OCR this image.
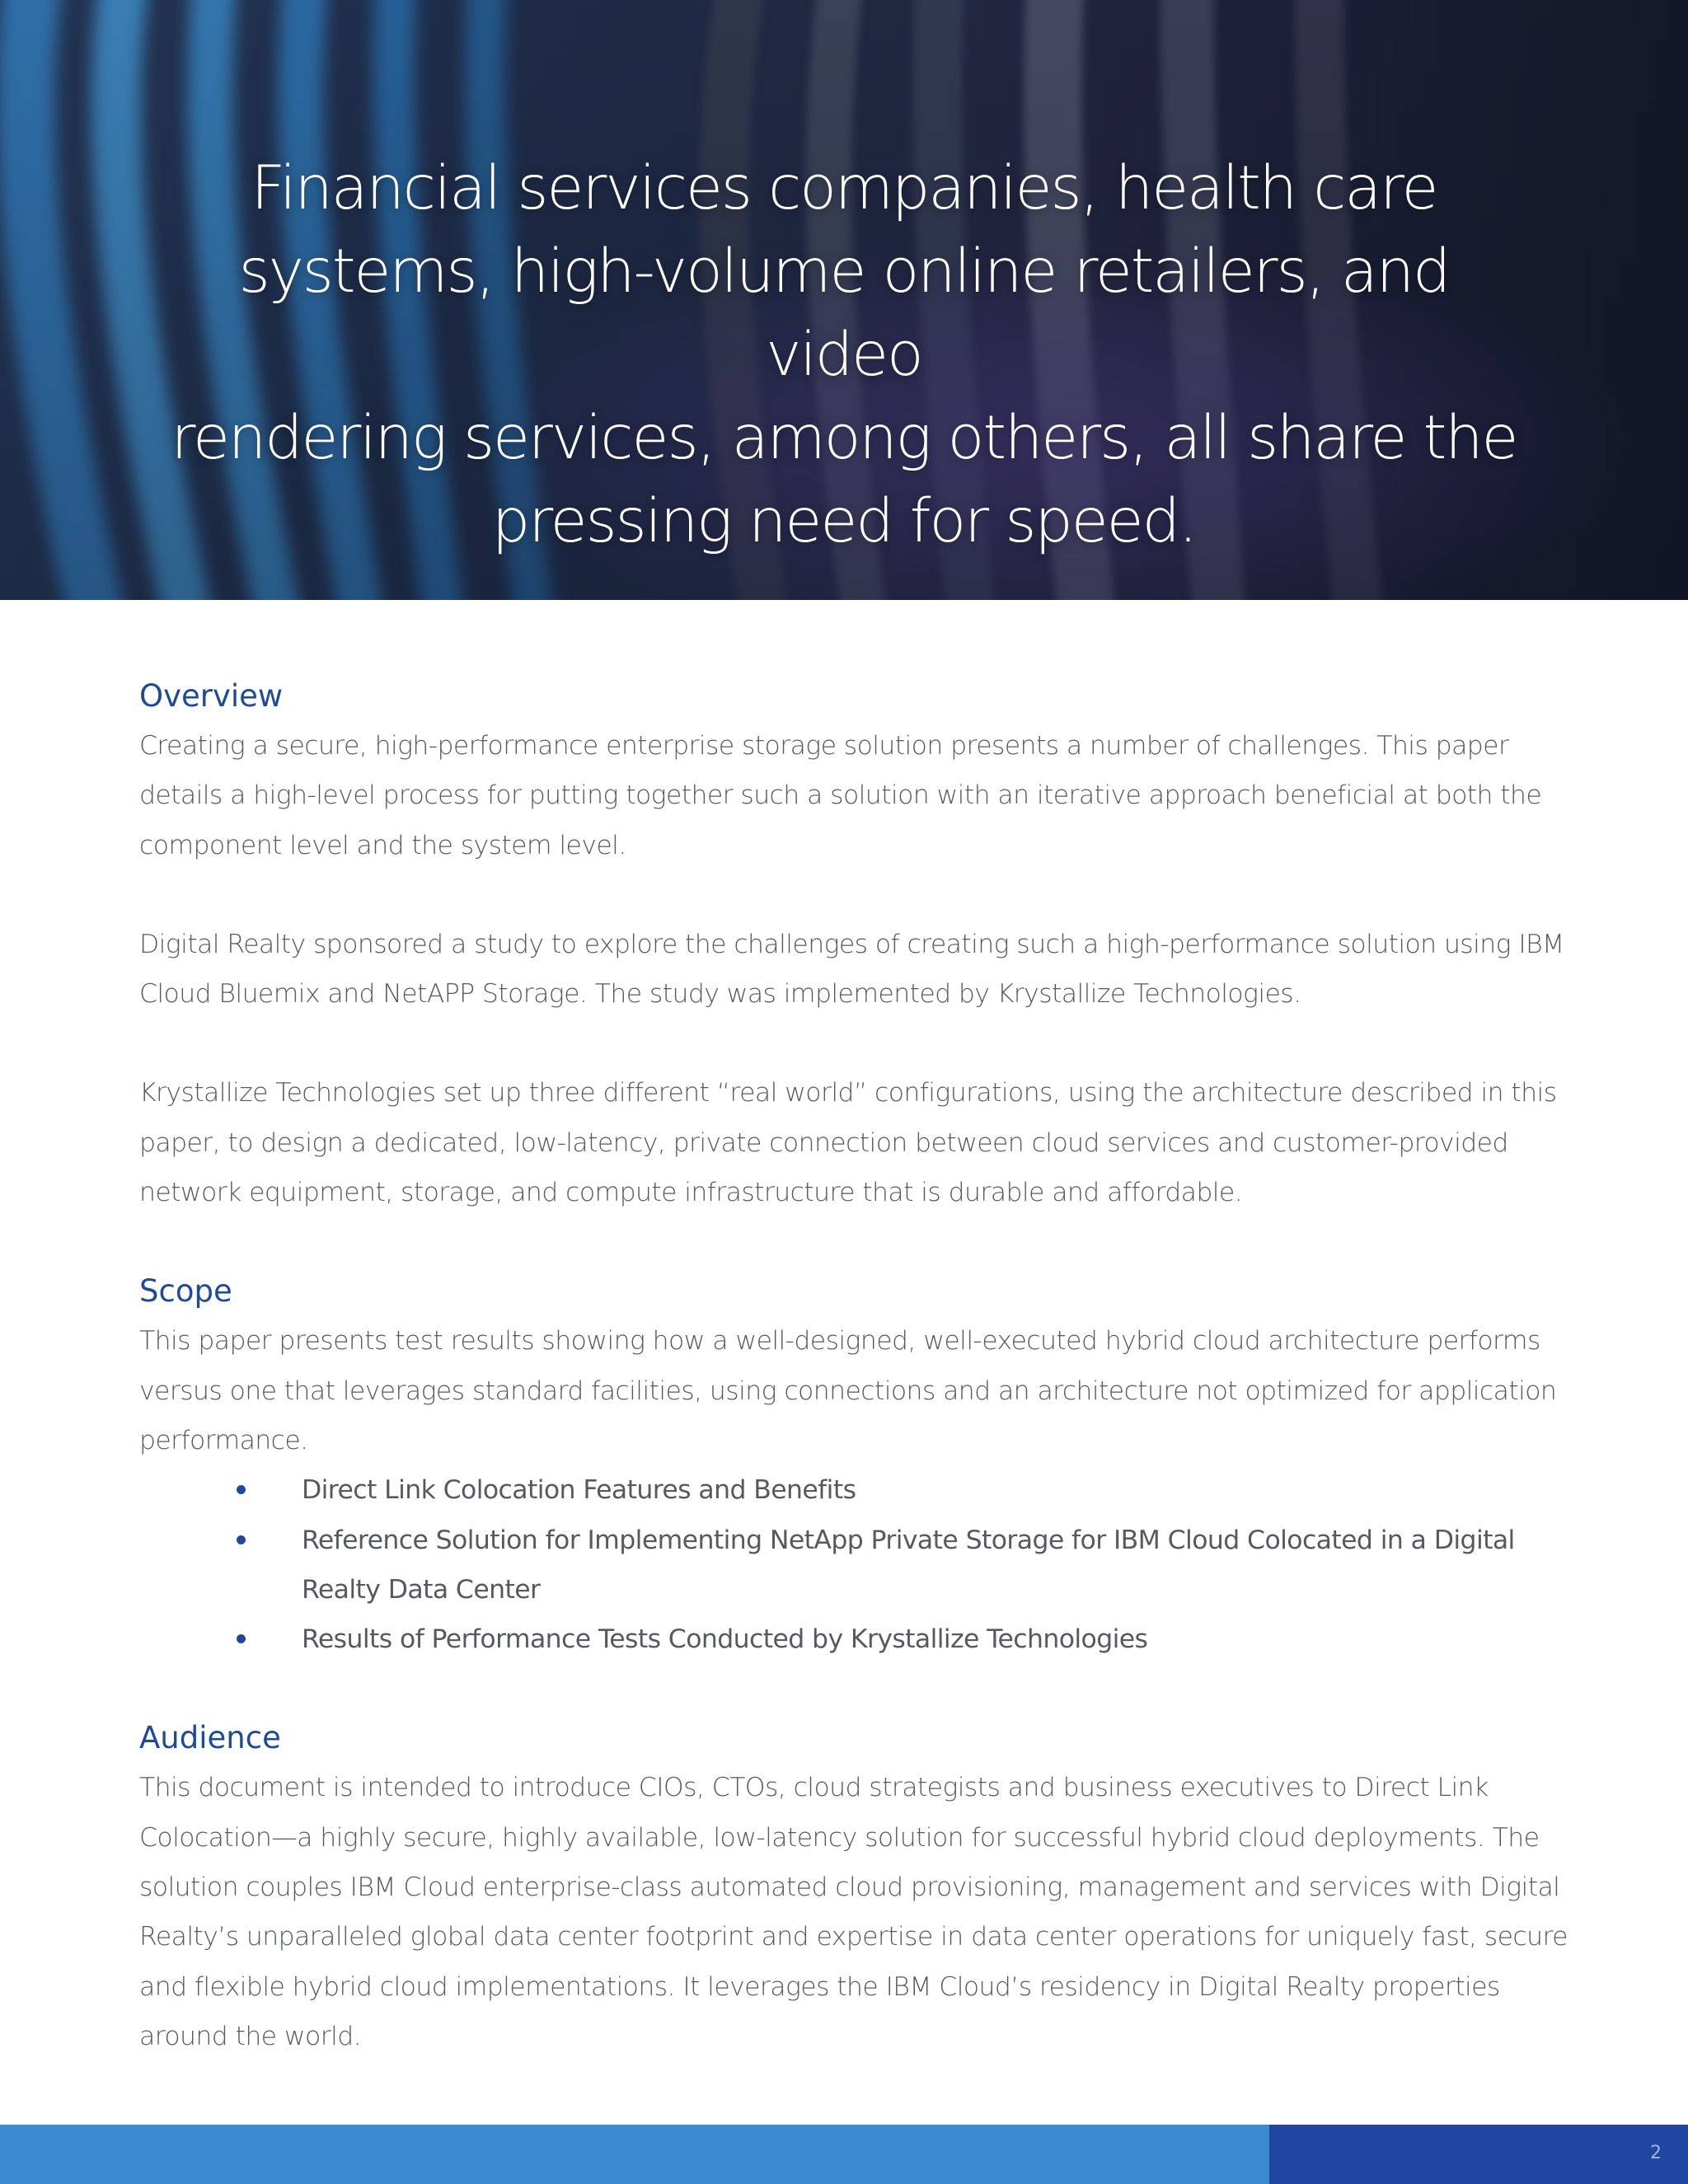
Financial services companies, health care
systems, high-volume online retailers, and video
rendering services, among others, all share the
pressing need for speed.
Overview

Creating a secure, high-performance enterprise storage solution presents a number of challenges. This paper details a high-level process for putting together such a solution with an iterative approach beneficial at both the component level and the system level.

Digital Realty sponsored a study to explore the challenges of creating such a high-performance solution using IBM Cloud Bluemix and NetAPP Storage. The study was implemented by Krystallize Technologies.

Krystallize Technologies set up three different “real world” configurations, using the architecture described in this paper, to design a dedicated, low-latency, private connection between cloud services and customer-provided network equipment, storage, and compute infrastructure that is durable and affordable.

Scope

This paper presents test results showing how a well-designed, well-executed hybrid cloud architecture performs versus one that leverages standard facilities, using connections and an architecture not optimized for application performance.

Direct Link Colocation Features and Benefits
Reference Solution for Implementing NetApp Private Storage for IBM Cloud Colocated in a Digital Realty Data Center
Results of Performance Tests Conducted by Krystallize Technologies
Audience

This document is intended to introduce CIOs, CTOs, cloud strategists and business executives to Direct Link Colocation—a highly secure, highly available, low-latency solution for successful hybrid cloud deployments. The solution couples IBM Cloud enterprise-class automated cloud provisioning, management and services with Digital Realty’s unparalleled global data center footprint and expertise in data center operations for uniquely fast, secure and flexible hybrid cloud implementations. It leverages the IBM Cloud’s residency in Digital Realty properties around the world.

2
